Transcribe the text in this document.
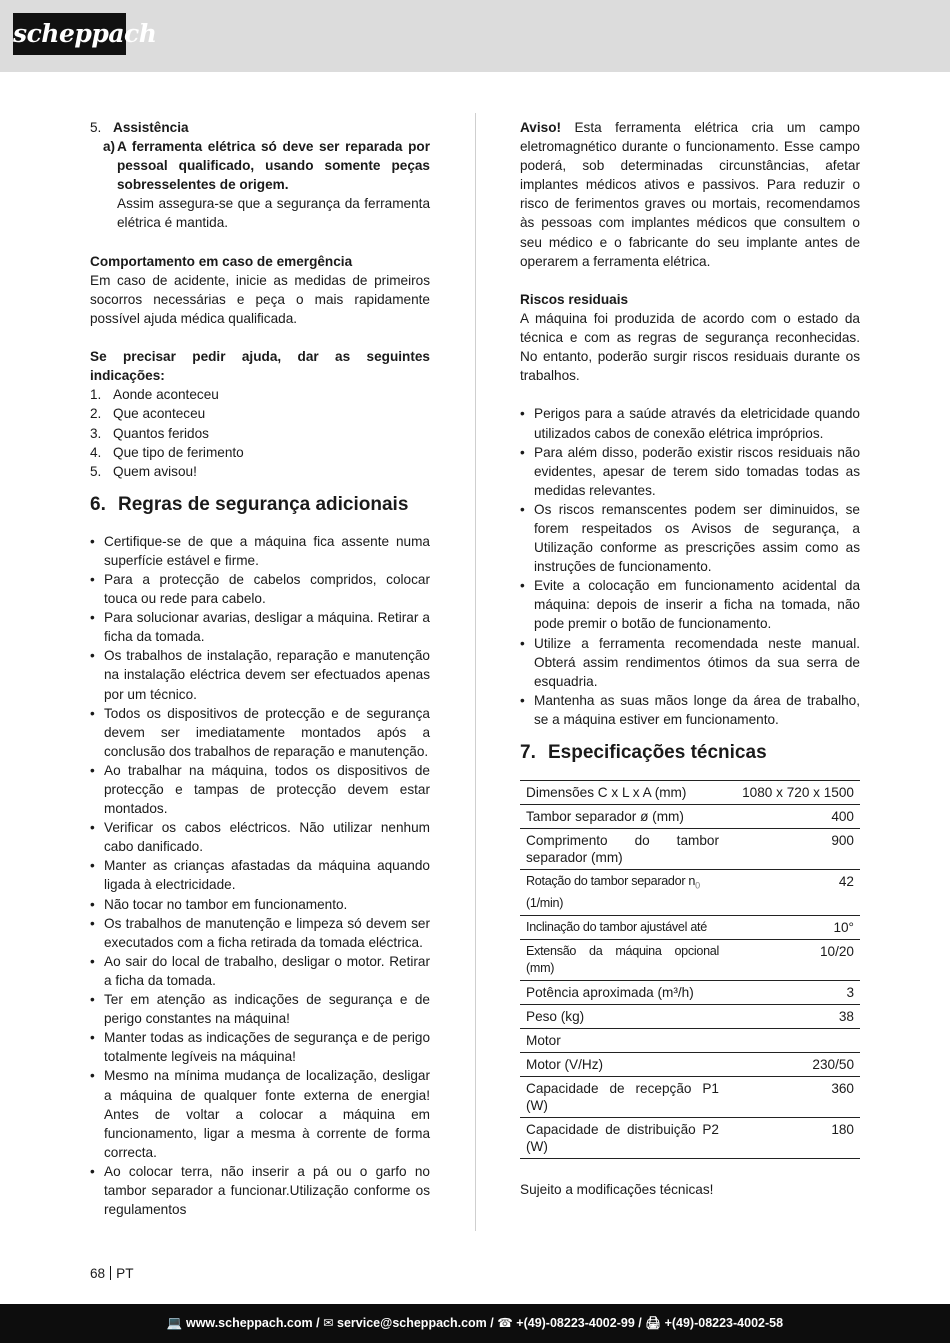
scheppach
5. Assistência
a) A ferramenta elétrica só deve ser reparada por pessoal qualificado, usando somente peças sobresselentes de origem.
Assim assegura-se que a segurança da ferramenta elétrica é mantida.
Comportamento em caso de emergência
Em caso de acidente, inicie as medidas de primeiros socorros necessárias e peça o mais rapidamente possível ajuda médica qualificada.
Se precisar pedir ajuda, dar as seguintes indicações:
1. Aonde aconteceu
2. Que aconteceu
3. Quantos feridos
4. Que tipo de ferimento
5. Quem avisou!
6. Regras de segurança adicionais
• Certifique-se de que a máquina fica assente numa superfície estável e firme.
• Para a protecção de cabelos compridos, colocar touca ou rede para cabelo.
• Para solucionar avarias, desligar a máquina. Retirar a ficha da tomada.
• Os trabalhos de instalação, reparação e manutenção na instalação eléctrica devem ser efectuados apenas por um técnico.
• Todos os dispositivos de protecção e de segurança devem ser imediatamente montados após a conclusão dos trabalhos de reparação e manutenção.
• Ao trabalhar na máquina, todos os dispositivos de protecção e tampas de protecção devem estar montados.
• Verificar os cabos eléctricos. Não utilizar nenhum cabo danificado.
• Manter as crianças afastadas da máquina aquando ligada à electricidade.
• Não tocar no tambor em funcionamento.
• Os trabalhos de manutenção e limpeza só devem ser executados com a ficha retirada da tomada eléctrica.
• Ao sair do local de trabalho, desligar o motor. Retirar a ficha da tomada.
• Ter em atenção as indicações de segurança e de perigo constantes na máquina!
• Manter todas as indicações de segurança e de perigo totalmente legíveis na máquina!
• Mesmo na mínima mudança de localização, desligar a máquina de qualquer fonte externa de energia! Antes de voltar a colocar a máquina em funcionamento, ligar a mesma à corrente de forma correcta.
• Ao colocar terra, não inserir a pá ou o garfo no tambor separador a funcionar.Utilização conforme os regulamentos
Aviso! Esta ferramenta elétrica cria um campo eletromagnético durante o funcionamento. Esse campo poderá, sob determinadas circunstâncias, afetar implantes médicos ativos e passivos. Para reduzir o risco de ferimentos graves ou mortais, recomendamos às pessoas com implantes médicos que consultem o seu médico e o fabricante do seu implante antes de operarem a ferramenta elétrica.
Riscos residuais
A máquina foi produzida de acordo com o estado da técnica e com as regras de segurança reconhecidas. No entanto, poderão surgir riscos residuais durante os trabalhos.
• Perigos para a saúde através da eletricidade quando utilizados cabos de conexão elétrica impróprios.
• Para além disso, poderão existir riscos residuais não evidentes, apesar de terem sido tomadas todas as medidas relevantes.
• Os riscos remanscentes podem ser diminuidos, se forem respeitados os Avisos de segurança, a Utilização conforme as prescrições assim como as instruções de funcionamento.
• Evite a colocação em funcionamento acidental da máquina: depois de inserir a ficha na tomada, não pode premir o botão de funcionamento.
• Utilize a ferramenta recomendada neste manual. Obterá assim rendimentos ótimos da sua serra de esquadria.
• Mantenha as suas mãos longe da área de trabalho, se a máquina estiver em funcionamento.
7. Especificações técnicas
Dimensões C x L x A (mm)	1080 x 720 x 1500
Tambor separador ø (mm)	400
Comprimento do tambor separador (mm)	900
Rotação do tambor separador $n_0$
(1/min)	42
Inclinação do tambor ajustável até	10°
Extensão da máquina opcional (mm)	10/20
Potência aproximada (m³/h)	3
Peso (kg)	38
Motor	
Motor (V/Hz)	230/50
Capacidade de recepção P1 (W)	360
Capacidade de distribuição P2 (W)	180
Sujeito a modificações técnicas!
68 PT
💻 www.scheppach.com / ✉ service@scheppach.com / ☎ +(49)-08223-4002-99 / 🖨 +(49)-08223-4002-58
